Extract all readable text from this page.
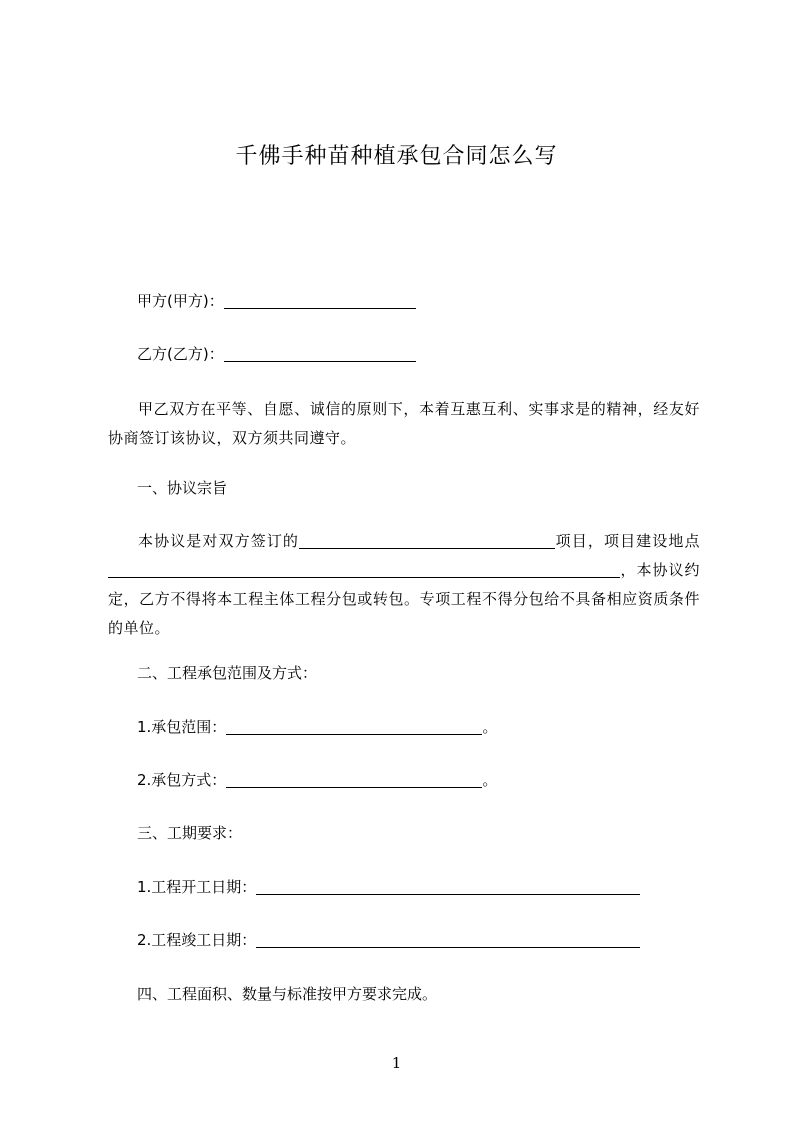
千佛手种苗种植承包合同怎么写
甲方(甲方)：
乙方(乙方)：
甲乙双方在平等、自愿、诚信的原则下，本着互惠互利、实事求是的精神，经友好协商签订该协议，双方须共同遵守。
一、协议宗旨
本协议是对双方签订的	项目，项目建设地点，本协议约定，乙方不得将本工程主体工程分包或转包。专项工程不得分包给不具备相应资质条件的单位。
二、工程承包范围及方式：
1.承包范围：	。
2.承包方式：	。
三、工期要求：
1.工程开工日期：
2.工程竣工日期：
四、工程面积、数量与标准按甲方要求完成。
1
